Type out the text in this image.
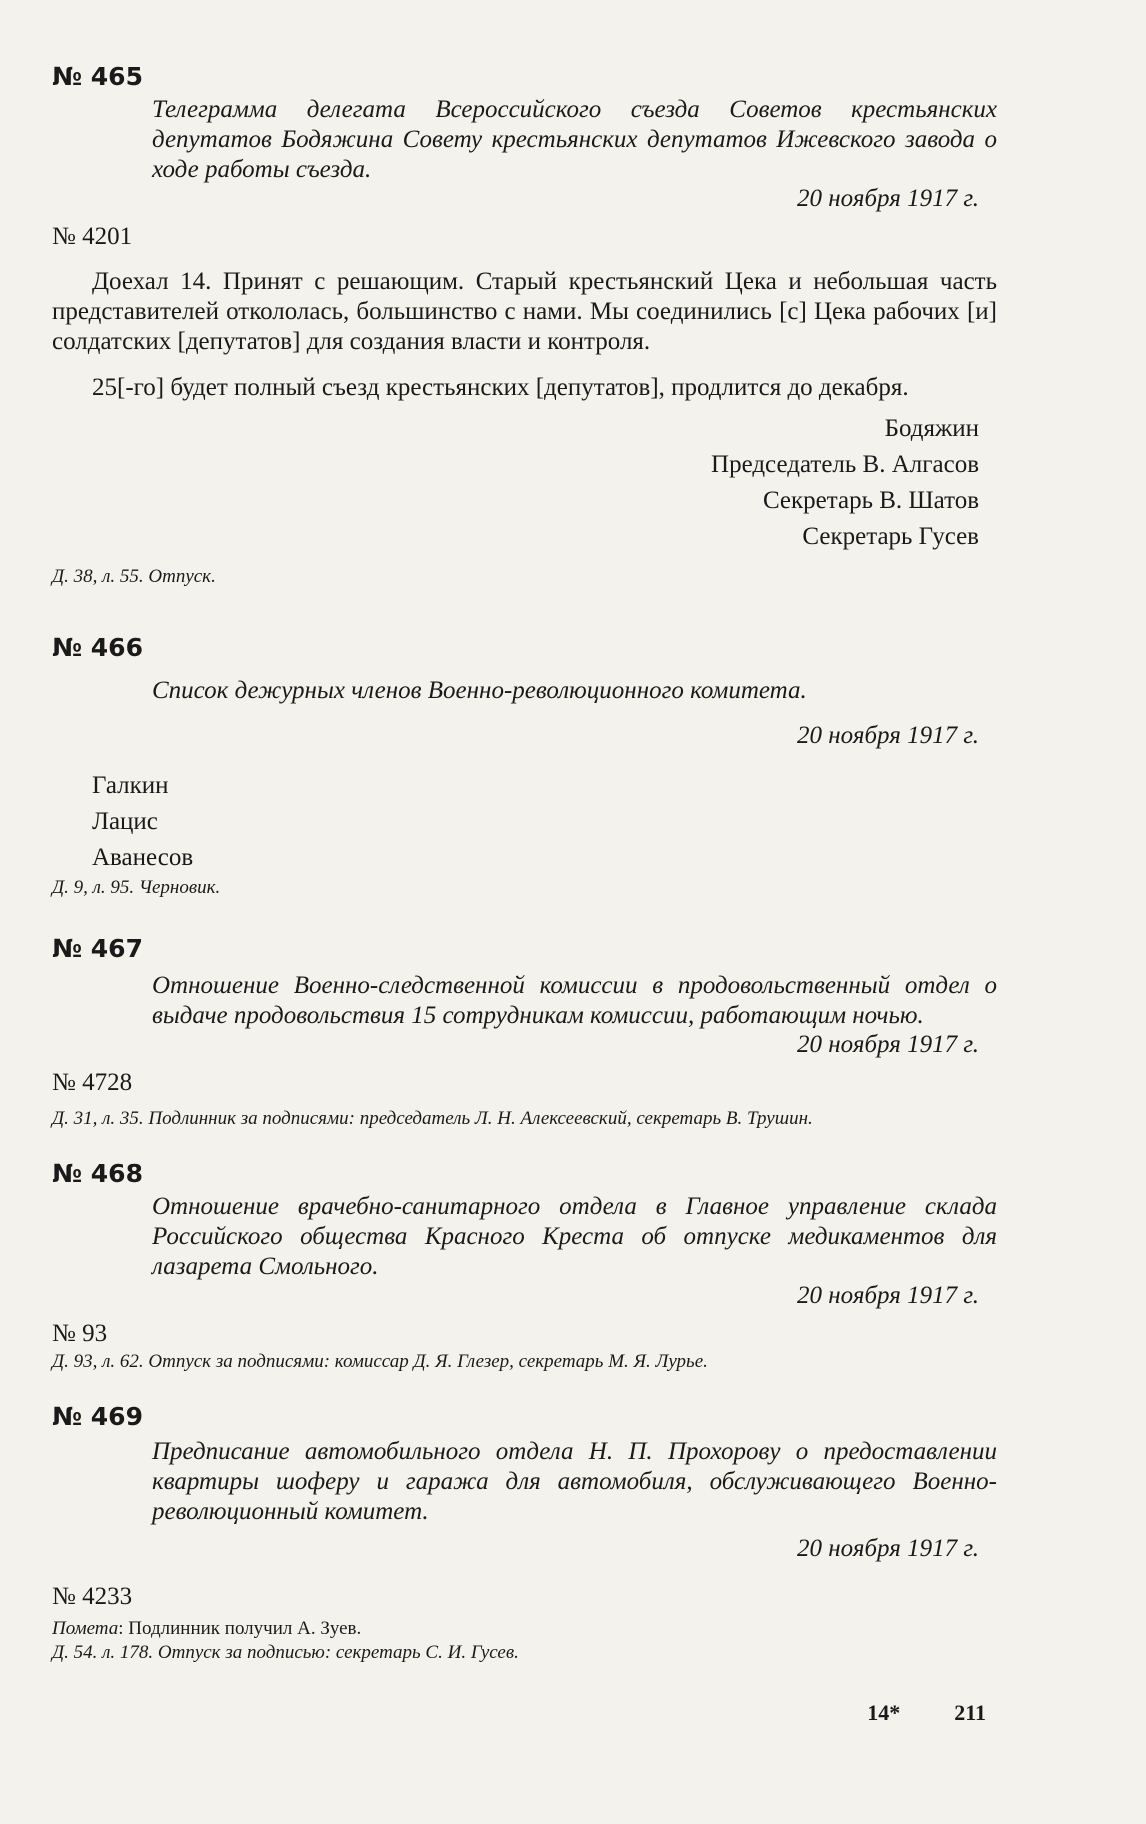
№ 465
Телеграмма делегата Всероссийского съезда Советов крестьянских депутатов Бодяжина Совету крестьянских депутатов Ижевского завода о ходе работы съезда.
20 ноября 1917 г.
№ 4201

Доехал 14. Принят с решающим. Старый крестьянский Цека и небольшая часть представителей откололась, большинство с нами. Мы соединились [с] Цека рабочих [и] солдатских [депутатов] для создания власти и контроля.

25[-го] будет полный съезд крестьянских [депутатов], продлится до декабря.

Бодяжин
Председатель В. Алгасов
Секретарь В. Шатов
Секретарь Гусев
Д. 38, л. 55. Отпуск.
№ 466
Список дежурных членов Военно-революционного комитета.
20 ноября 1917 г.
Галкин
Лацис
Аванесов
Д. 9, л. 95. Черновик.
№ 467
Отношение Военно-следственной комиссии в продовольственный отдел о выдаче продовольствия 15 сотрудникам комиссии, работающим ночью.
20 ноября 1917 г.
№ 4728
Д. 31, л. 35. Подлинник за подписями: председатель Л. Н. Алексеевский, секретарь В. Трушин.
№ 468
Отношение врачебно-санитарного отдела в Главное управление склада Российского общества Красного Креста об отпуске медикаментов для лазарета Смольного.
20 ноября 1917 г.
№ 93
Д. 93, л. 62. Отпуск за подписями: комиссар Д. Я. Глезер, секретарь М. Я. Лурье.
№ 469
Предписание автомобильного отдела Н. П. Прохорову о предоставлении квартиры шоферу и гаража для автомобиля, обслуживающего Военно-революционный комитет.
20 ноября 1917 г.
№ 4233
Помета: Подлинник получил А. Зуев.
Д. 54. л. 178. Отпуск за подписью: секретарь С. И. Гусев.
14* 211
